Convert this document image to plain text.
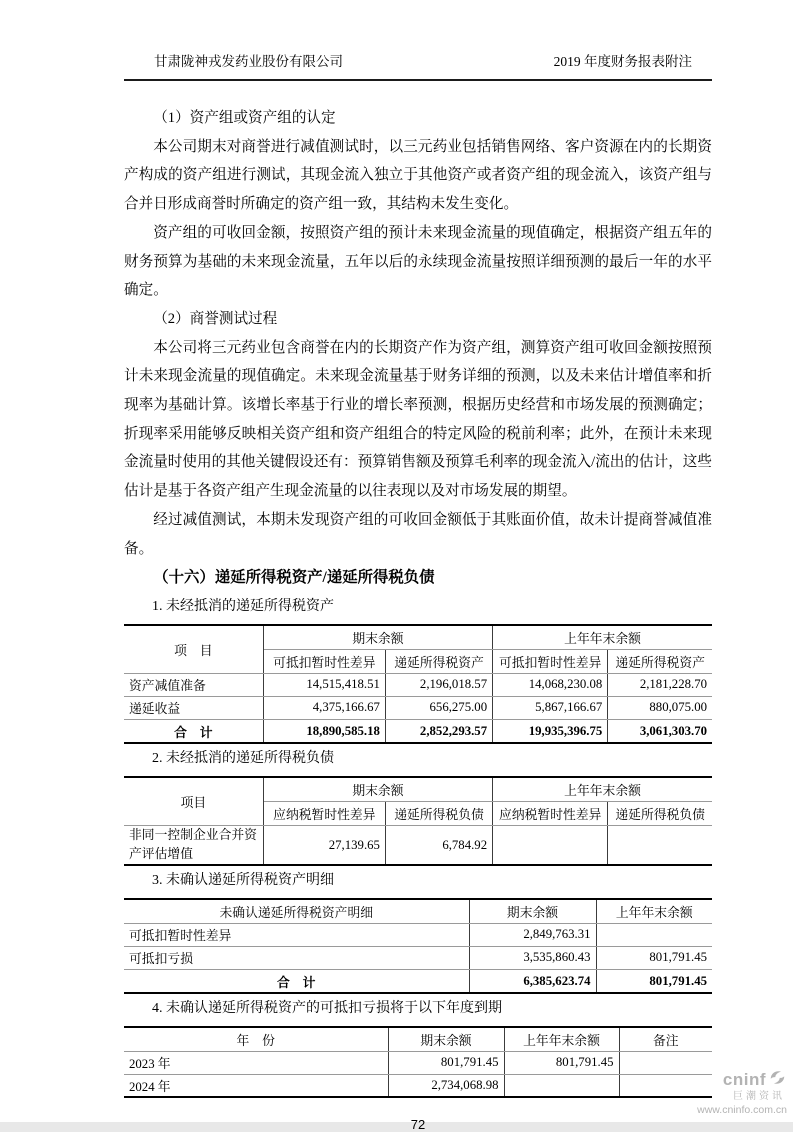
甘肃陇神戎发药业股份有限公司	2019 年度财务报表附注

（1）资产组或资产组的认定

本公司期末对商誉进行减值测试时，以三元药业包括销售网络、客户资源在内的长期资产构成的资产组进行测试，其现金流入独立于其他资产或者资产组的现金流入，该资产组与合并日形成商誉时所确定的资产组一致，其结构未发生变化。

资产组的可收回金额，按照资产组的预计未来现金流量的现值确定，根据资产组五年的财务预算为基础的未来现金流量，五年以后的永续现金流量按照详细预测的最后一年的水平确定。

（2）商誉测试过程

本公司将三元药业包含商誉在内的长期资产作为资产组，测算资产组可收回金额按照预计未来现金流量的现值确定。未来现金流量基于财务详细的预测，以及未来估计增值率和折现率为基础计算。该增长率基于行业的增长率预测，根据历史经营和市场发展的预测确定；折现率采用能够反映相关资产组和资产组组合的特定风险的税前利率；此外，在预计未来现金流量时使用的其他关键假设还有：预算销售额及预算毛利率的现金流入/流出的估计，这些估计是基于各资产组产生现金流量的以往表现以及对市场发展的期望。

经过减值测试，本期未发现资产组的可收回金额低于其账面价值，故未计提商誉减值准备。

（十六）递延所得税资产/递延所得税负债

1. 未经抵消的递延所得税资产

项　目	期末余额		上年年末余额	
	可抵扣暂时性差异	递延所得税资产	可抵扣暂时性差异	递延所得税资产
资产减值准备	14,515,418.51	2,196,018.57	14,068,230.08	2,181,228.70
递延收益	4,375,166.67	656,275.00	5,867,166.67	880,075.00
合　计	18,890,585.18	2,852,293.57	19,935,396.75	3,061,303.70

2. 未经抵消的递延所得税负债

项目	期末余额		上年年末余额	
	应纳税暂时性差异	递延所得税负债	应纳税暂时性差异	递延所得税负债
非同一控制企业合并资产评估增值	27,139.65	6,784.92		

3. 未确认递延所得税资产明细

未确认递延所得税资产明细	期末余额	上年年末余额
可抵扣暂时性差异	2,849,763.31	
可抵扣亏损	3,535,860.43	801,791.45
合　计	6,385,623.74	801,791.45

4. 未确认递延所得税资产的可抵扣亏损将于以下年度到期

年　份	期末余额	上年年末余额	备注
2023 年	801,791.45	801,791.45	
2024 年	2,734,068.98		
72
cninf
巨潮资讯
www.cninfo.com.cn
